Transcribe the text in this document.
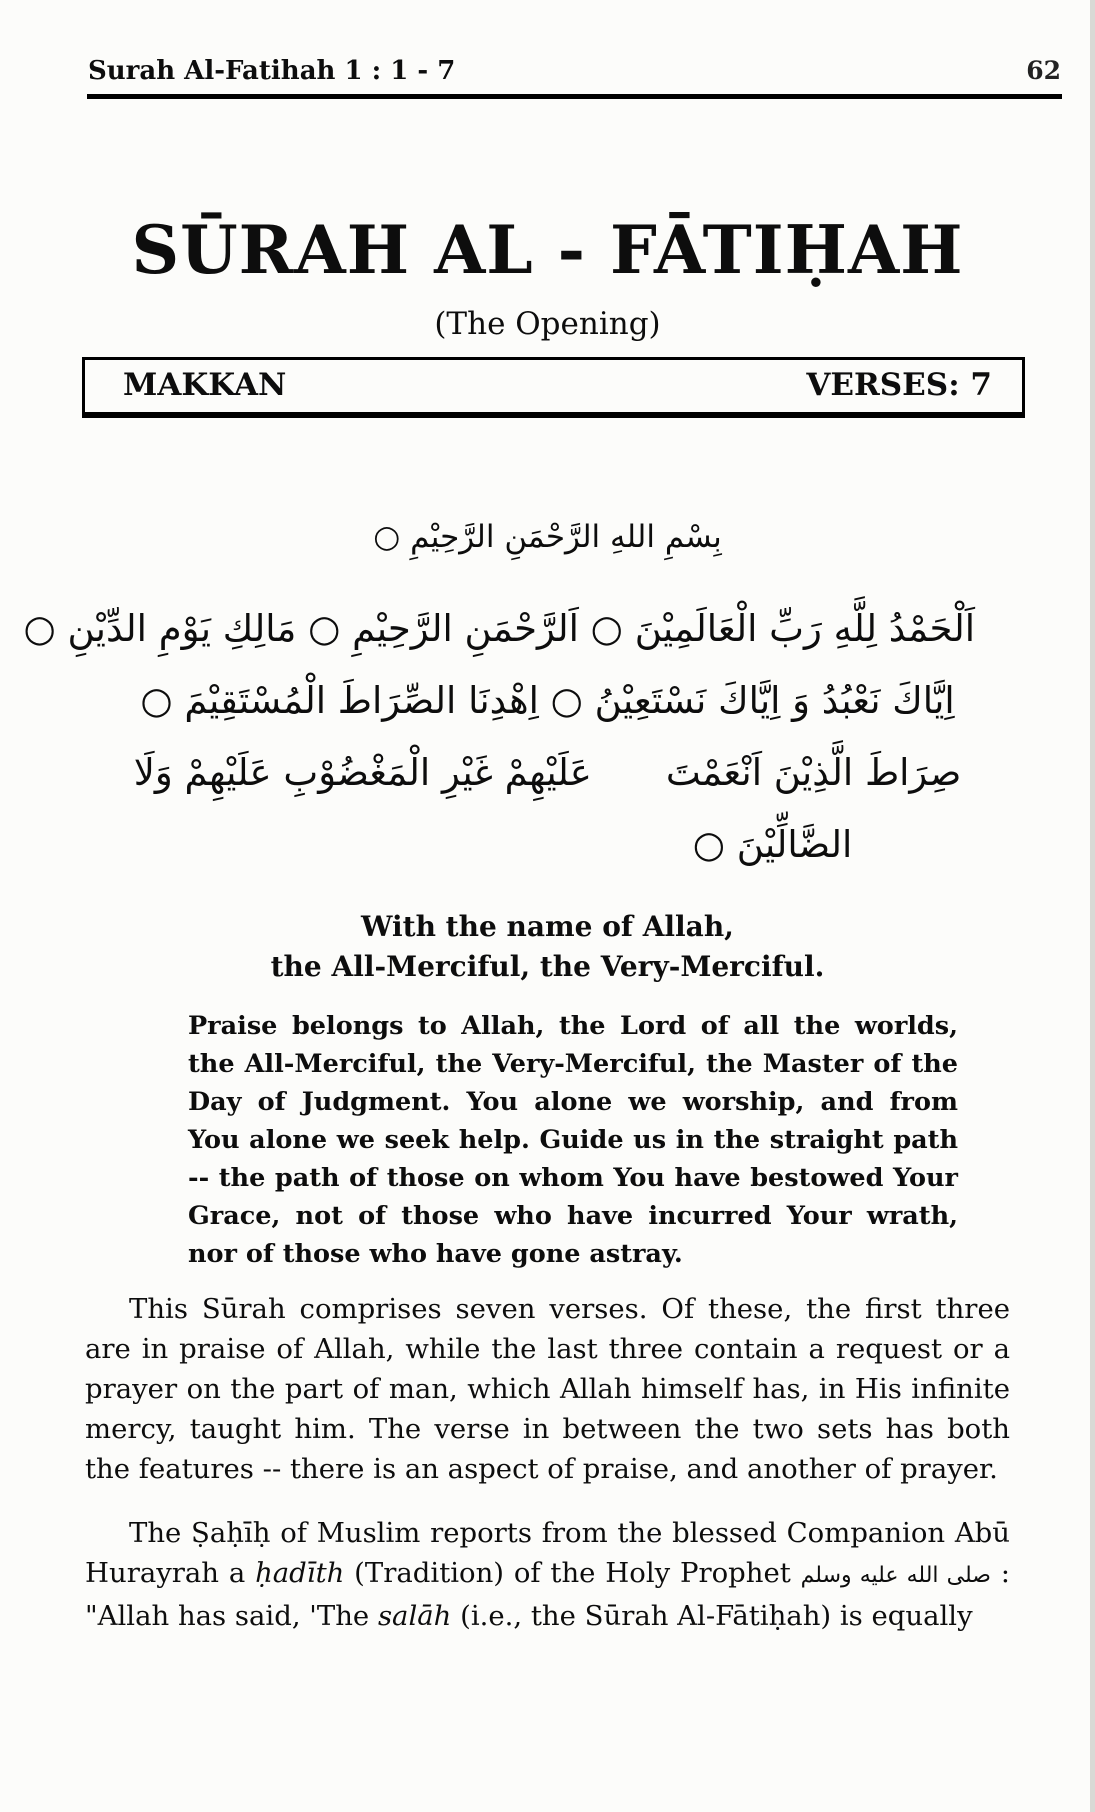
Surah Al-Fatihah 1 : 1 - 7	62
SŪRAH AL - FĀTIḤAH
(The Opening)
MAKKAN	VERSES: 7
بِسْمِ اللهِ الرَّحْمَنِ الرَّحِيْمِ ○
اَلْحَمْدُ لِلَّهِ رَبِّ الْعَالَمِيْنَ ○ اَلرَّحْمَنِ الرَّحِيْمِ ○ مَالِكِ يَوْمِ الدِّيْنِ ○
اِيَّاكَ نَعْبُدُ وَ اِيَّاكَ نَسْتَعِيْنُ ○ اِهْدِنَا الصِّرَاطَ الْمُسْتَقِيْمَ ○
صِرَاطَ الَّذِيْنَ اَنْعَمْتَ  عَلَيْهِمْ غَيْرِ الْمَغْضُوْبِ عَلَيْهِمْ وَلَا
الضَّالِّيْنَ ○
With the name of Allah,
the All-Merciful, the Very-Merciful.
Praise belongs to Allah, the Lord of all the worlds, the All-Merciful, the Very-Merciful, the Master of the Day of Judgment. You alone we worship, and from You alone we seek help. Guide us in the straight path -- the path of those on whom You have bestowed Your Grace, not of those who have incurred Your wrath, nor of those who have gone astray.

This Sūrah comprises seven verses. Of these, the first three are in praise of Allah, while the last three contain a request or a prayer on the part of man, which Allah himself has, in His infinite mercy, taught him. The verse in between the two sets has both the features -- there is an aspect of praise, and another of prayer.

The Ṣaḥīḥ of Muslim reports from the blessed Companion Abū Hurayrah a ḥadīth (Tradition) of the Holy Prophet صلى الله عليه وسلم : "Allah has said, 'The salāh (i.e., the Sūrah Al-Fātiḥah) is equally
